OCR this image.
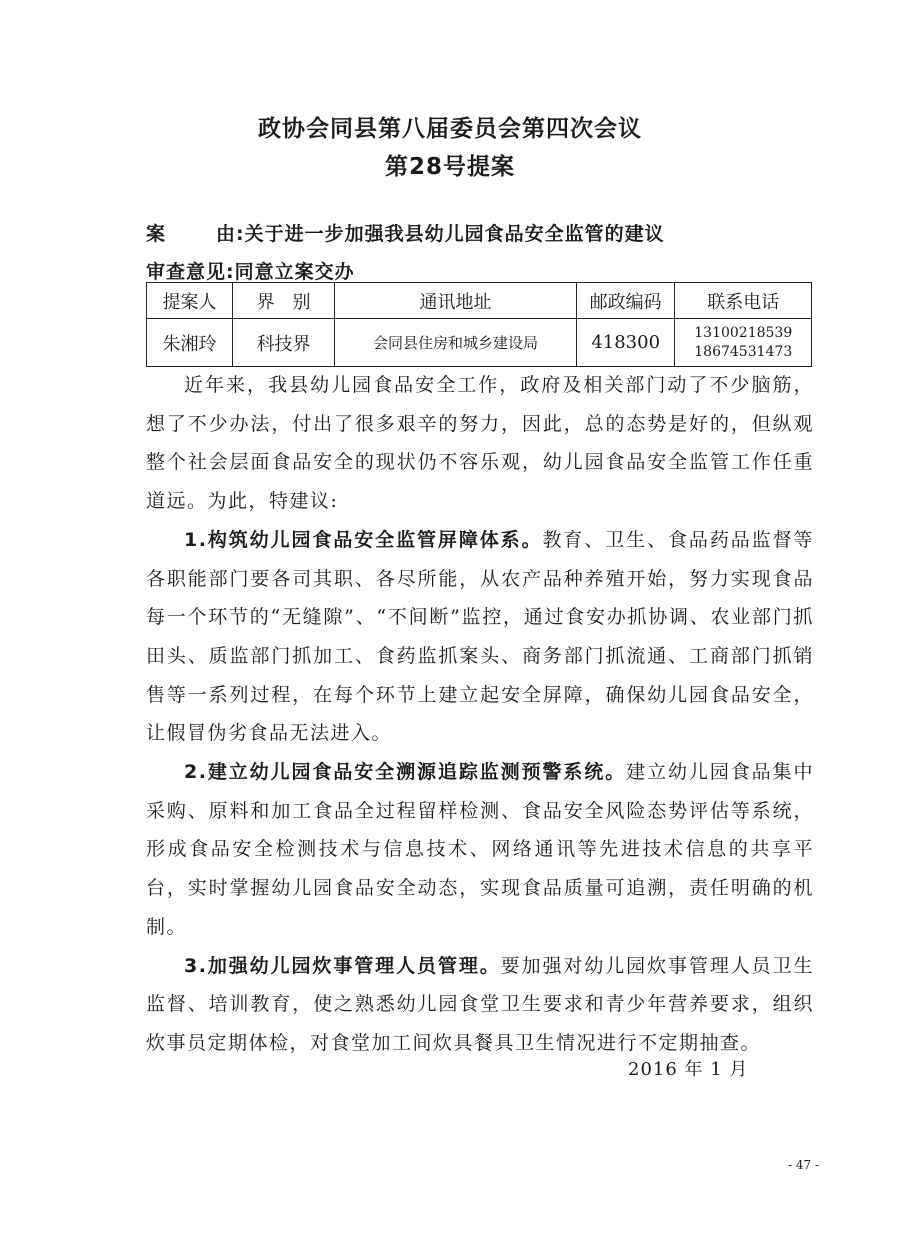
政协会同县第八届委员会第四次会议
第28号提案
案	由:关于进一步加强我县幼儿园食品安全监管的建议
审查意见:同意立案交办
提案人	界　别	通讯地址	邮政编码	联系电话
朱湘玲	科技界	会同县住房和城乡建设局	418300	13100218539
18674531473

近年来，我县幼儿园食品安全工作，政府及相关部门动了不少脑筋，想了不少办法，付出了很多艰辛的努力，因此，总的态势是好的，但纵观整个社会层面食品安全的现状仍不容乐观，幼儿园食品安全监管工作任重道远。为此，特建议:

1.构筑幼儿园食品安全监管屏障体系。教育、卫生、食品药品监督等各职能部门要各司其职、各尽所能，从农产品种养殖开始，努力实现食品每一个环节的“无缝隙”、“不间断”监控，通过食安办抓协调、农业部门抓田头、质监部门抓加工、食药监抓案头、商务部门抓流通、工商部门抓销售等一系列过程，在每个环节上建立起安全屏障，确保幼儿园食品安全，让假冒伪劣食品无法进入。

2.建立幼儿园食品安全溯源追踪监测预警系统。建立幼儿园食品集中采购、原料和加工食品全过程留样检测、食品安全风险态势评估等系统，形成食品安全检测技术与信息技术、网络通讯等先进技术信息的共享平台，实时掌握幼儿园食品安全动态，实现食品质量可追溯，责任明确的机制。

3.加强幼儿园炊事管理人员管理。要加强对幼儿园炊事管理人员卫生监督、培训教育，使之熟悉幼儿园食堂卫生要求和青少年营养要求，组织炊事员定期体检，对食堂加工间炊具餐具卫生情况进行不定期抽查。

2016 年 1 月
- 47 -
